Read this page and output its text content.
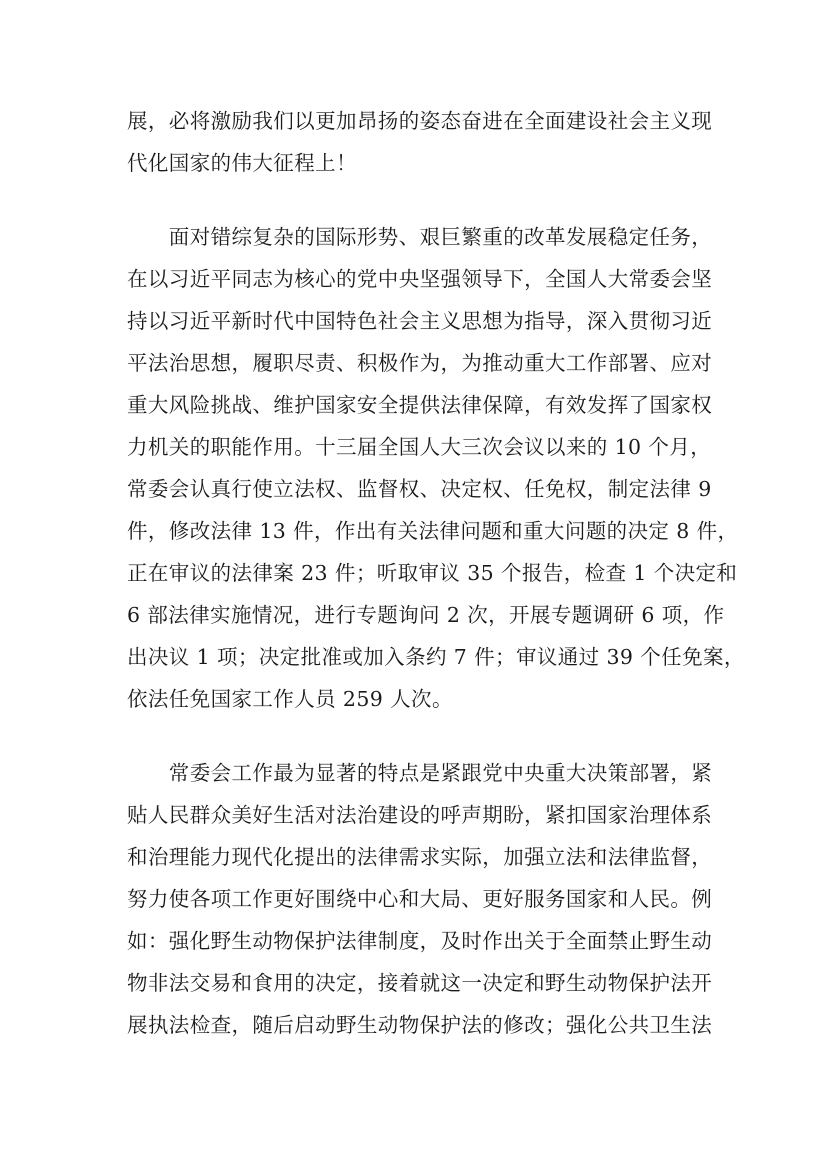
展，必将激励我们以更加昂扬的姿态奋进在全面建设社会主义现
代化国家的伟大征程上！
　　面对错综复杂的国际形势、艰巨繁重的改革发展稳定任务，
在以习近平同志为核心的党中央坚强领导下，全国人大常委会坚
持以习近平新时代中国特色社会主义思想为指导，深入贯彻习近
平法治思想，履职尽责、积极作为，为推动重大工作部署、应对
重大风险挑战、维护国家安全提供法律保障，有效发挥了国家权
力机关的职能作用。十三届全国人大三次会议以来的 10 个月，
常委会认真行使立法权、监督权、决定权、任免权，制定法律 9
件，修改法律 13 件，作出有关法律问题和重大问题的决定 8 件，
正在审议的法律案 23 件；听取审议 35 个报告，检查 1 个决定和
6 部法律实施情况，进行专题询问 2 次，开展专题调研 6 项，作
出决议 1 项；决定批准或加入条约 7 件；审议通过 39 个任免案，
依法任免国家工作人员 259 人次。
　　常委会工作最为显著的特点是紧跟党中央重大决策部署，紧
贴人民群众美好生活对法治建设的呼声期盼，紧扣国家治理体系
和治理能力现代化提出的法律需求实际，加强立法和法律监督，
努力使各项工作更好围绕中心和大局、更好服务国家和人民。例
如：强化野生动物保护法律制度，及时作出关于全面禁止野生动
物非法交易和食用的决定，接着就这一决定和野生动物保护法开
展执法检查，随后启动野生动物保护法的修改；强化公共卫生法
